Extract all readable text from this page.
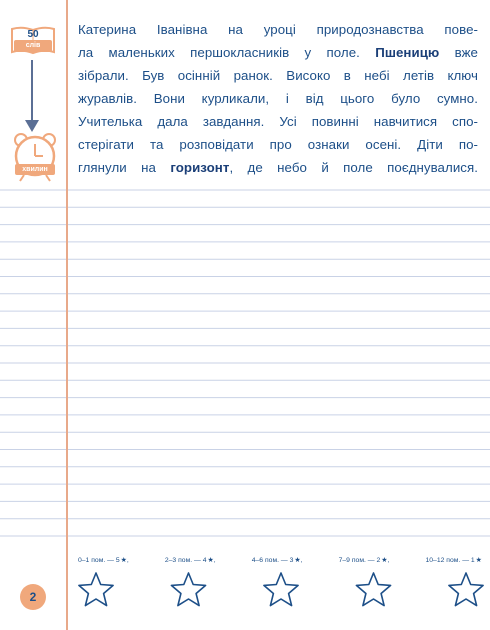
50
слів
хвилин
Катерина Іванівна на уроці природознавства пове-
ла маленьких першокласників у поле. Пшеницю вже
зібрали. Був осінній ранок. Високо в небі летів ключ
журавлів. Вони курликали, і від цього було сумно.
Учителька дала завдання. Усі повинні навчитися спо-
стерігати та розповідати про ознаки осені. Діти по-
глянули на горизонт, де небо й поле поєднувалися.
0–1 пом. — 5 ★ ,	2–3 пом. — 4 ★ ,	4–6 пом. — 3 ★ ,	7–9 пом. — 2 ★ ,	10–12 пом. — 1 ★
2
